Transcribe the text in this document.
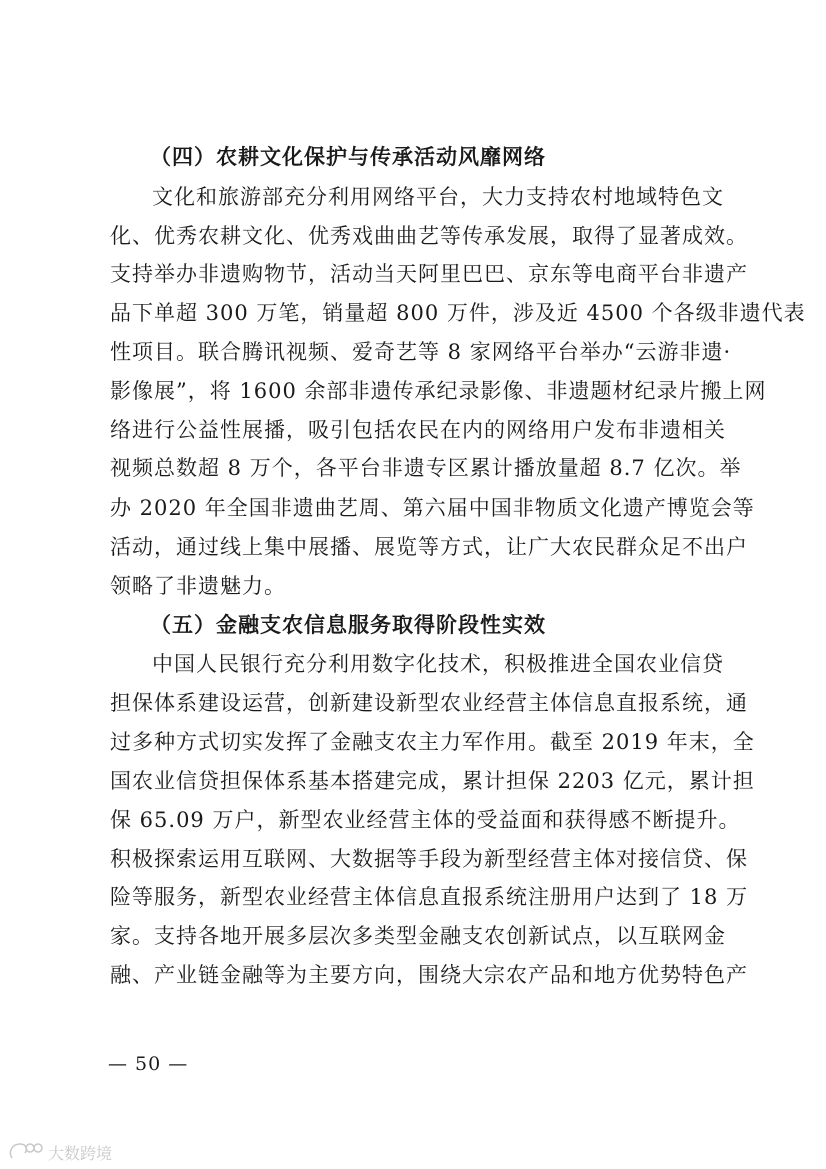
（四）农耕文化保护与传承活动风靡网络
文化和旅游部充分利用网络平台，大力支持农村地域特色文
化、优秀农耕文化、优秀戏曲曲艺等传承发展，取得了显著成效。
支持举办非遗购物节，活动当天阿里巴巴、京东等电商平台非遗产
品下单超 300 万笔，销量超 800 万件，涉及近 4500 个各级非遗代表
性项目。联合腾讯视频、爱奇艺等 8 家网络平台举办“云游非遗·
影像展”，将 1600 余部非遗传承纪录影像、非遗题材纪录片搬上网
络进行公益性展播，吸引包括农民在内的网络用户发布非遗相关
视频总数超 8 万个，各平台非遗专区累计播放量超 8.7 亿次。举
办 2020 年全国非遗曲艺周、第六届中国非物质文化遗产博览会等
活动，通过线上集中展播、展览等方式，让广大农民群众足不出户
领略了非遗魅力。
（五）金融支农信息服务取得阶段性实效
中国人民银行充分利用数字化技术，积极推进全国农业信贷
担保体系建设运营，创新建设新型农业经营主体信息直报系统，通
过多种方式切实发挥了金融支农主力军作用。截至 2019 年末，全
国农业信贷担保体系基本搭建完成，累计担保 2203 亿元，累计担
保 65.09 万户，新型农业经营主体的受益面和获得感不断提升。
积极探索运用互联网、大数据等手段为新型经营主体对接信贷、保
险等服务，新型农业经营主体信息直报系统注册用户达到了 18 万
家。支持各地开展多层次多类型金融支农创新试点，以互联网金
融、产业链金融等为主要方向，围绕大宗农产品和地方优势特色产
— 50 —
大数跨境
